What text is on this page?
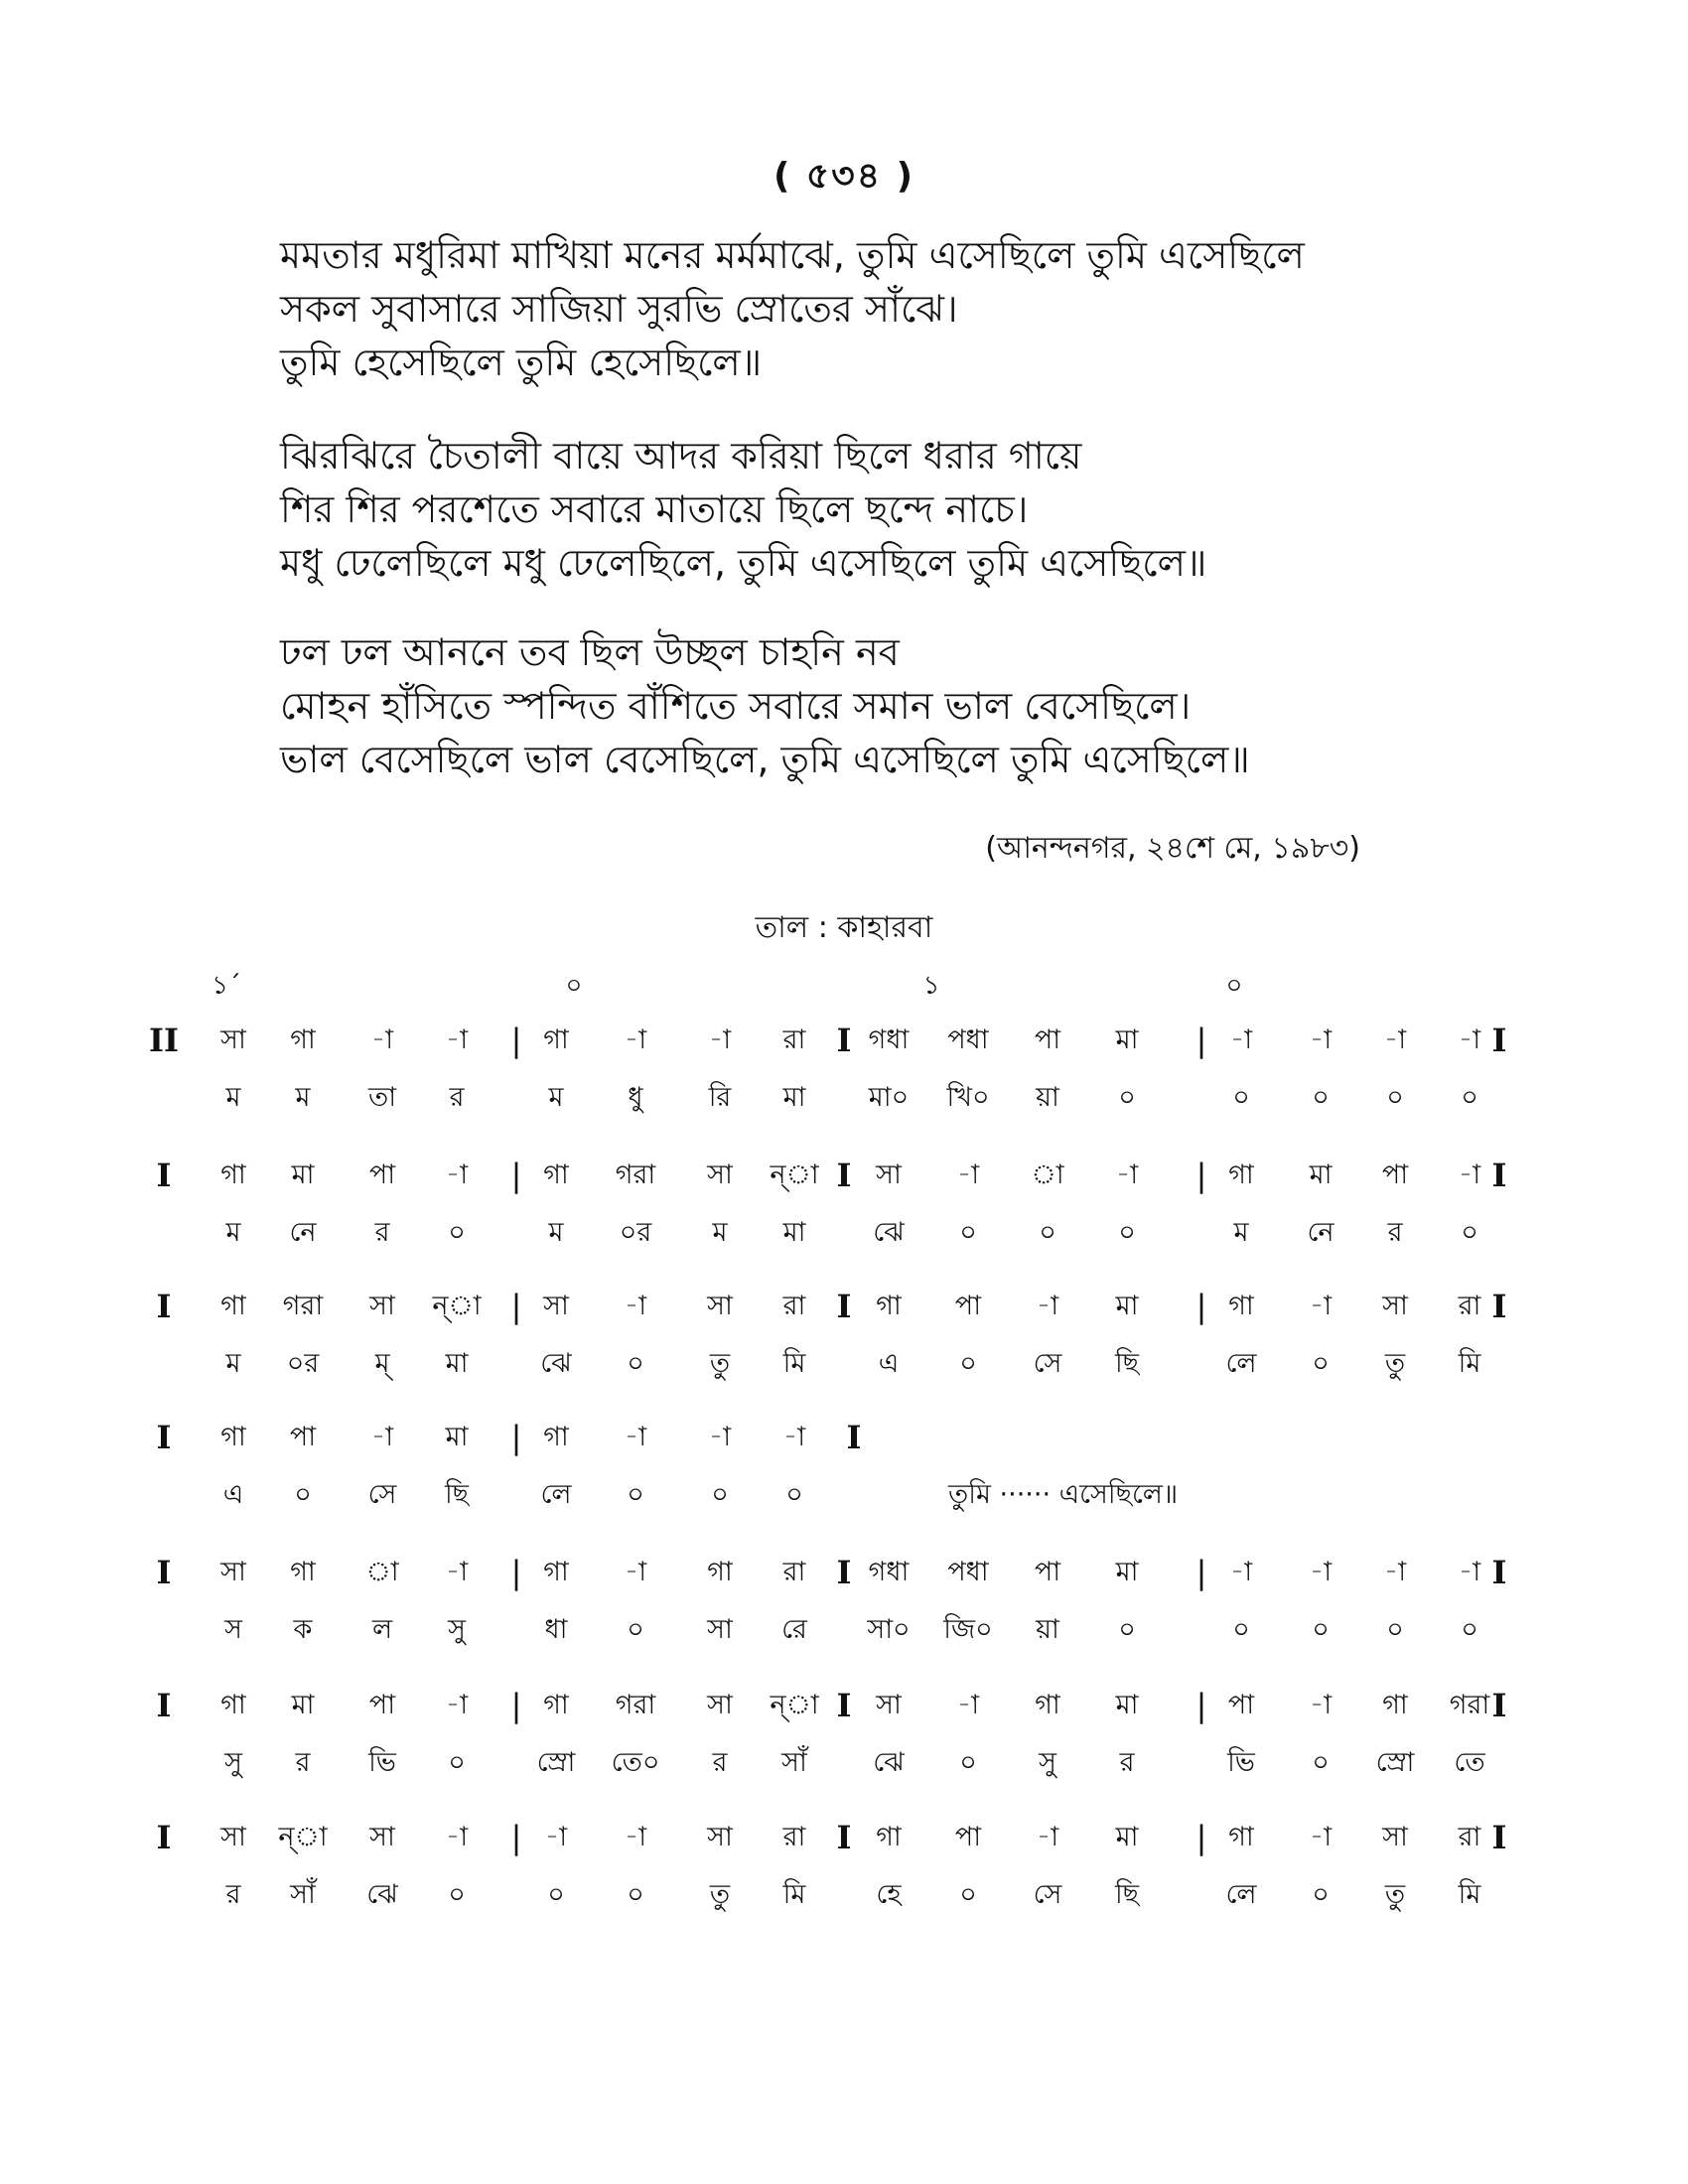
( ৫৩৪ )
মমতার মধুরিমা মাখিয়া মনের মর্মমাঝে, তুমি এসেছিলে তুমি এসেছিলে
সকল সুবাসারে সাজিয়া সুরভি স্রোতের সাঁঝে।
তুমি হেসেছিলে তুমি হেসেছিলে॥
ঝিরঝিরে চৈতালী বায়ে আদর করিয়া ছিলে ধরার গায়ে
শির শির পরশেতে সবারে মাতায়ে ছিলে ছন্দে নাচে।
মধু ঢেলেছিলে মধু ঢেলেছিলে, তুমি এসেছিলে তুমি এসেছিলে॥
ঢল ঢল আননে তব ছিল উচ্ছল চাহনি নব
মোহন হাঁসিতে স্পন্দিত বাঁশিতে সবারে সমান ভাল বেসেছিলে।
ভাল বেসেছিলে ভাল বেসেছিলে, তুমি এসেছিলে তুমি এসেছিলে॥
(আনন্দনগর, ২৪শে মে, ১৯৮৩)
তাল : কাহারবা
১´	০	১	০
II	সা	গা	-া	-া	| গা	-া	-া	রা I গধা	পধা	পা	মা	| -া	-া	-া	-া I
ম	ম	তা	র	ম	ধু	রি	মা	মা০	খি০	য়া	০	০	০	০	০
I	গা	মা	পা	-া	| গা	গরা	সা	ন্‌া I সা	-া	া	-া	| গা	মা	পা	-া I
ম	নে	র	০	ম	০র	ম	মা	ঝে	০	০	০	ম	নে	র	০
I	গা	গরা	সা	ন্‌া | সা	-া	সা	রা I গা	পা	-া	মা	| গা	-া	সা	রা I
ম	০র	ম্‌	মা	ঝে	০	তু	মি	এ	০	সে	ছি	লে	০	তু	মি
I	গা	পা	-া	মা	| গা	-া	-া	-া	I
এ	০	সে	ছি	লে	০	০	০	তুমি ······ এসেছিলে॥
I	সা	গা	া	-া	| গা	-া	গা	রা I গধা	পধা	পা	মা	| -া	-া	-া	-া I
স	ক	ল	সু	ধা	০	সা	রে	সা০	জি০	য়া	০	০	০	০	০
I	গা	মা	পা	-া	| গা	গরা	সা	ন্‌া I সা	-া	গা	মা	| পা	-া	গা	গরা I
সু	র	ভি	০	স্রো	তে০	র	সাঁ	ঝে	০	সু	র	ভি	০	স্রো	তে
I	সা	ন্‌া	সা	-া	| -া	-া	সা	রা I গা	পা	-া	মা	| গা	-া	সা	রা I
র	সাঁ	ঝে	০	০	০	তু	মি	হে	০	সে	ছি	লে	০	তু	মি
